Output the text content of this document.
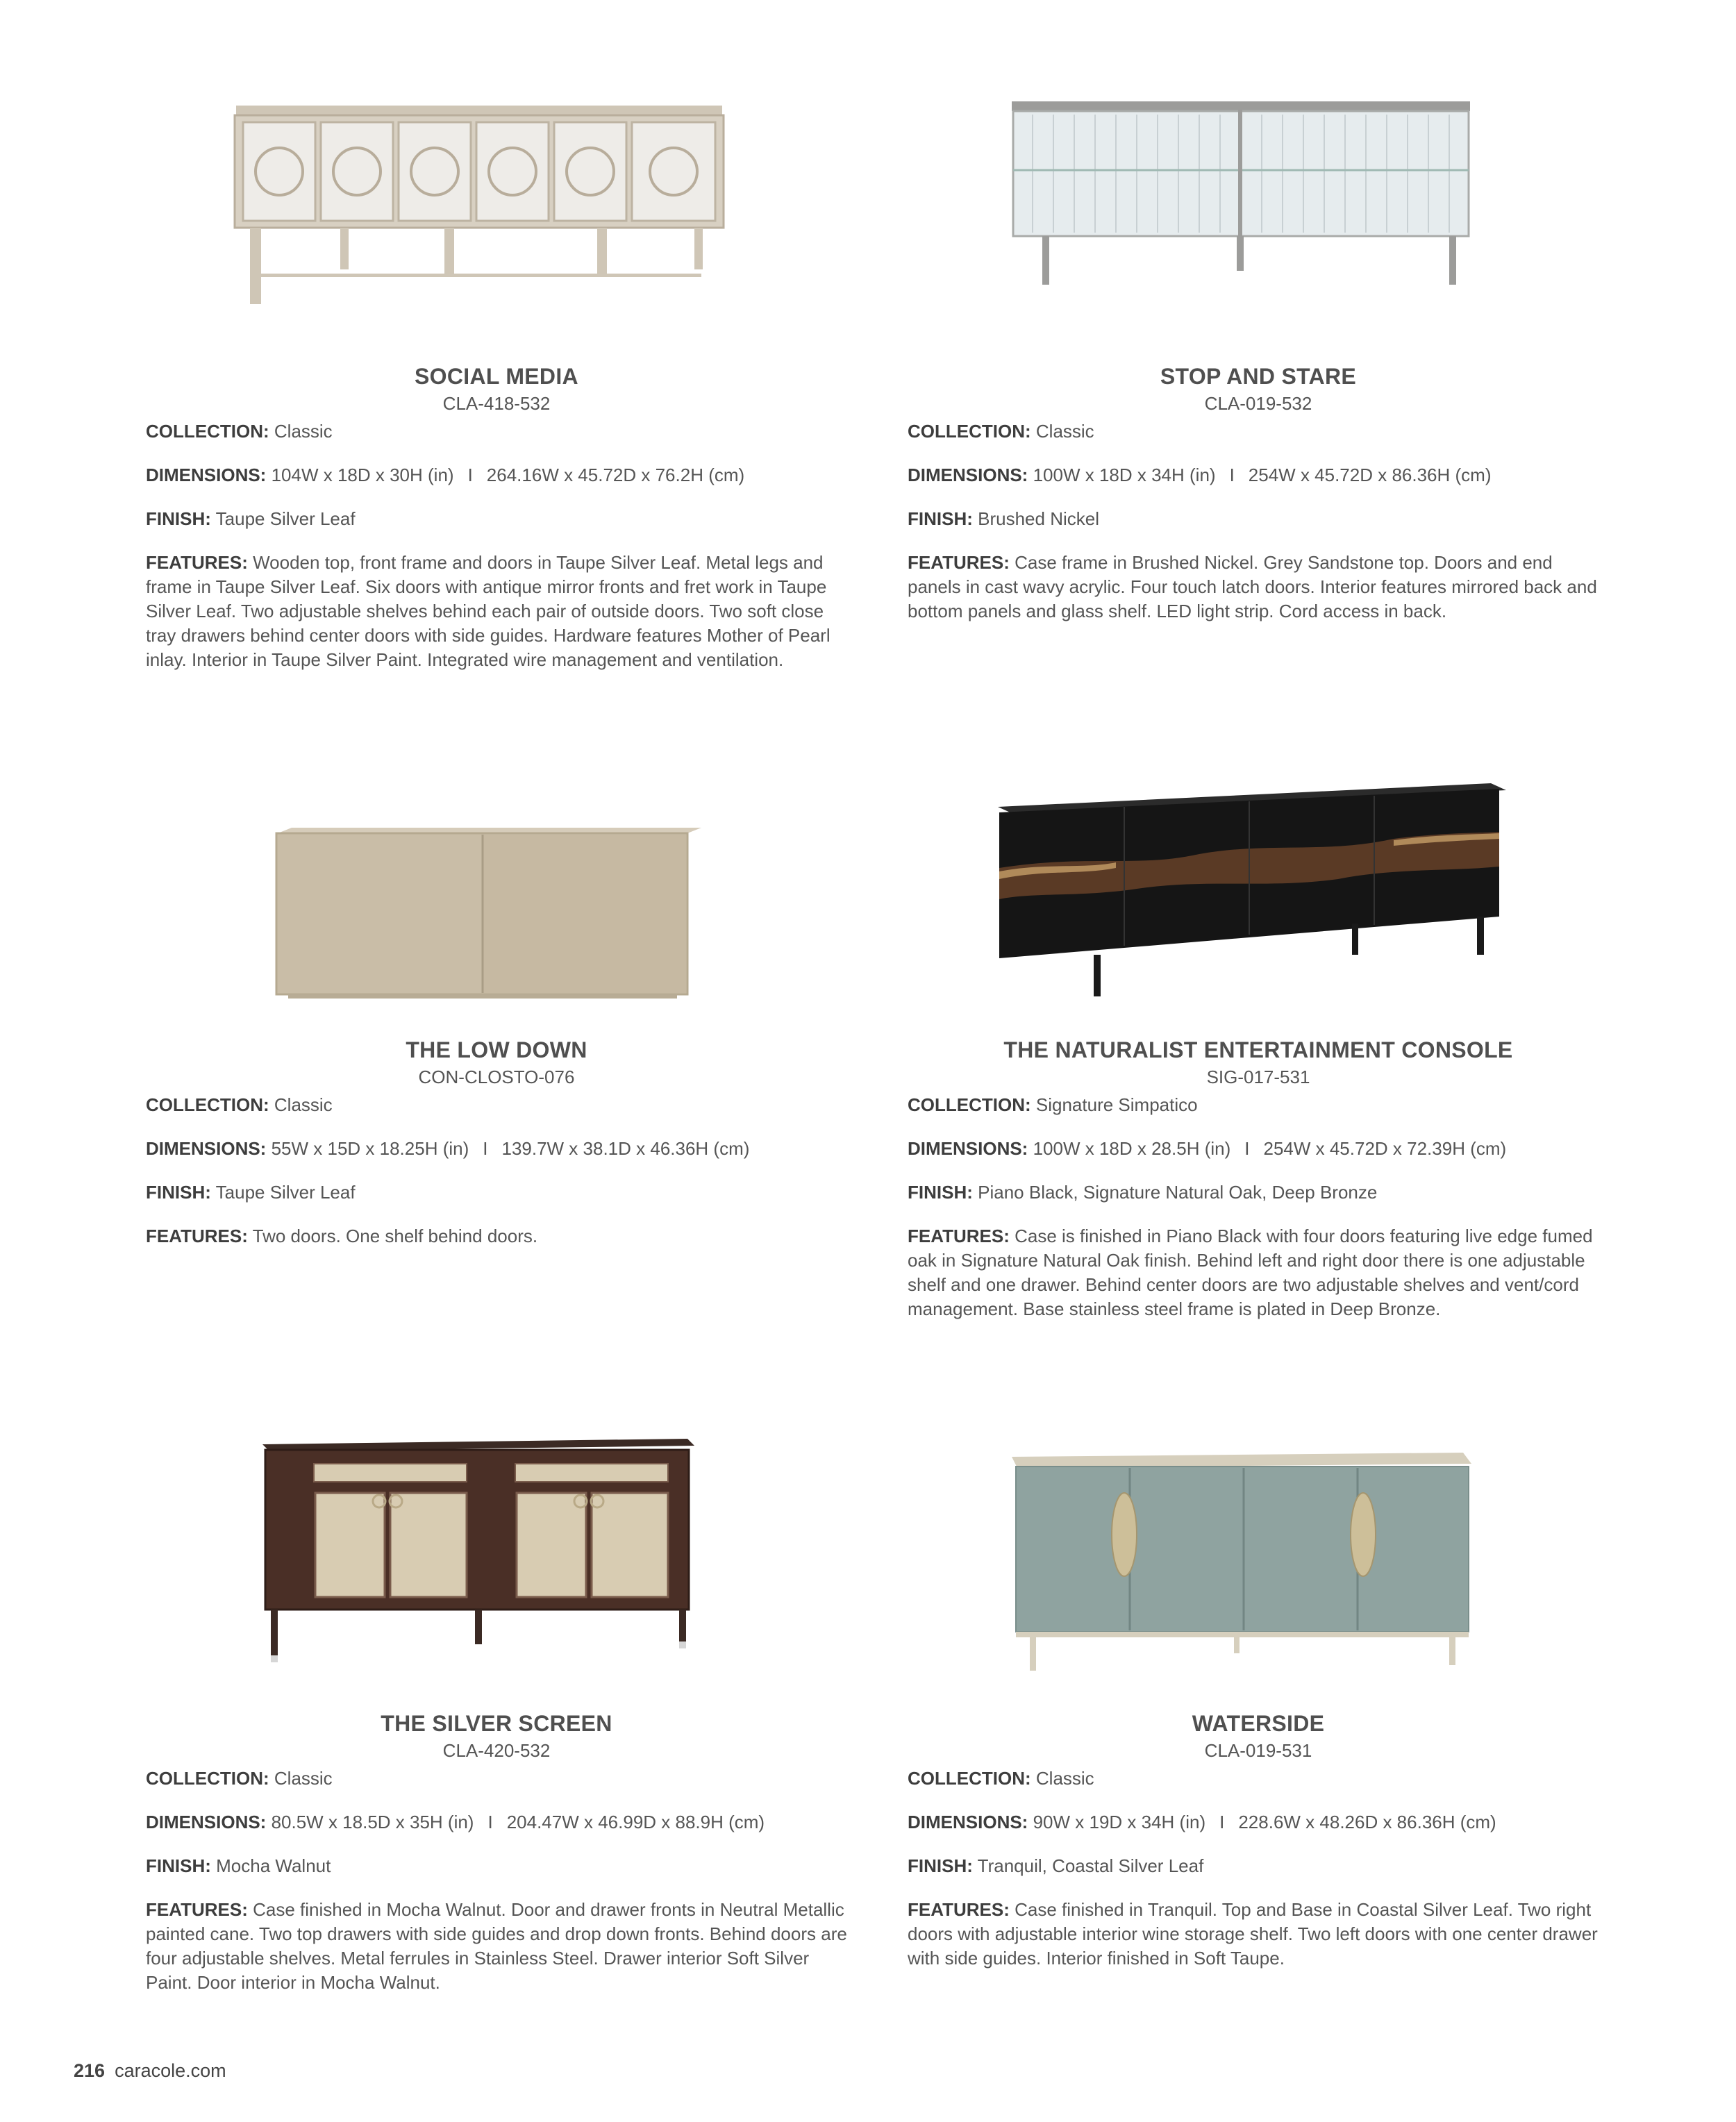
SOCIAL MEDIA
CLA-418-532
COLLECTION: Classic
DIMENSIONS: 104W x 18D x 30H (in) I 264.16W x 45.72D x 76.2H (cm)
FINISH: Taupe Silver Leaf
FEATURES: Wooden top, front frame and doors in Taupe Silver Leaf. Metal legs and frame in Taupe Silver Leaf. Six doors with antique mirror fronts and fret work in Taupe Silver Leaf. Two adjustable shelves behind each pair of outside doors. Two soft close tray drawers behind center doors with side guides. Hardware features Mother of Pearl inlay. Interior in Taupe Silver Paint. Integrated wire management and ventilation.
STOP AND STARE
CLA-019-532
COLLECTION: Classic
DIMENSIONS: 100W x 18D x 34H (in) I 254W x 45.72D x 86.36H (cm)
FINISH: Brushed Nickel
FEATURES: Case frame in Brushed Nickel. Grey Sandstone top. Doors and end panels in cast wavy acrylic. Four touch latch doors. Interior features mirrored back and bottom panels and glass shelf. LED light strip. Cord access in back.
THE LOW DOWN
CON-CLOSTO-076
COLLECTION: Classic
DIMENSIONS: 55W x 15D x 18.25H (in) I 139.7W x 38.1D x 46.36H (cm)
FINISH: Taupe Silver Leaf
FEATURES: Two doors. One shelf behind doors.
THE NATURALIST ENTERTAINMENT CONSOLE
SIG-017-531
COLLECTION: Signature Simpatico
DIMENSIONS: 100W x 18D x 28.5H (in) I 254W x 45.72D x 72.39H (cm)
FINISH: Piano Black, Signature Natural Oak, Deep Bronze
FEATURES: Case is finished in Piano Black with four doors featuring live edge fumed oak in Signature Natural Oak finish. Behind left and right door there is one adjustable shelf and one drawer. Behind center doors are two adjustable shelves and vent/cord management. Base stainless steel frame is plated in Deep Bronze.
THE SILVER SCREEN
CLA-420-532
COLLECTION: Classic
DIMENSIONS: 80.5W x 18.5D x 35H (in) I 204.47W x 46.99D x 88.9H (cm)
FINISH: Mocha Walnut
FEATURES: Case finished in Mocha Walnut. Door and drawer fronts in Neutral Metallic painted cane. Two top drawers with side guides and drop down fronts. Behind doors are four adjustable shelves. Metal ferrules in Stainless Steel. Drawer interior Soft Silver Paint. Door interior in Mocha Walnut.
WATERSIDE
CLA-019-531
COLLECTION: Classic
DIMENSIONS: 90W x 19D x 34H (in) I 228.6W x 48.26D x 86.36H (cm)
FINISH: Tranquil, Coastal Silver Leaf
FEATURES: Case finished in Tranquil. Top and Base in Coastal Silver Leaf. Two right doors with adjustable interior wine storage shelf. Two left doors with one center drawer with side guides. Interior finished in Soft Taupe.
216 caracole.com
